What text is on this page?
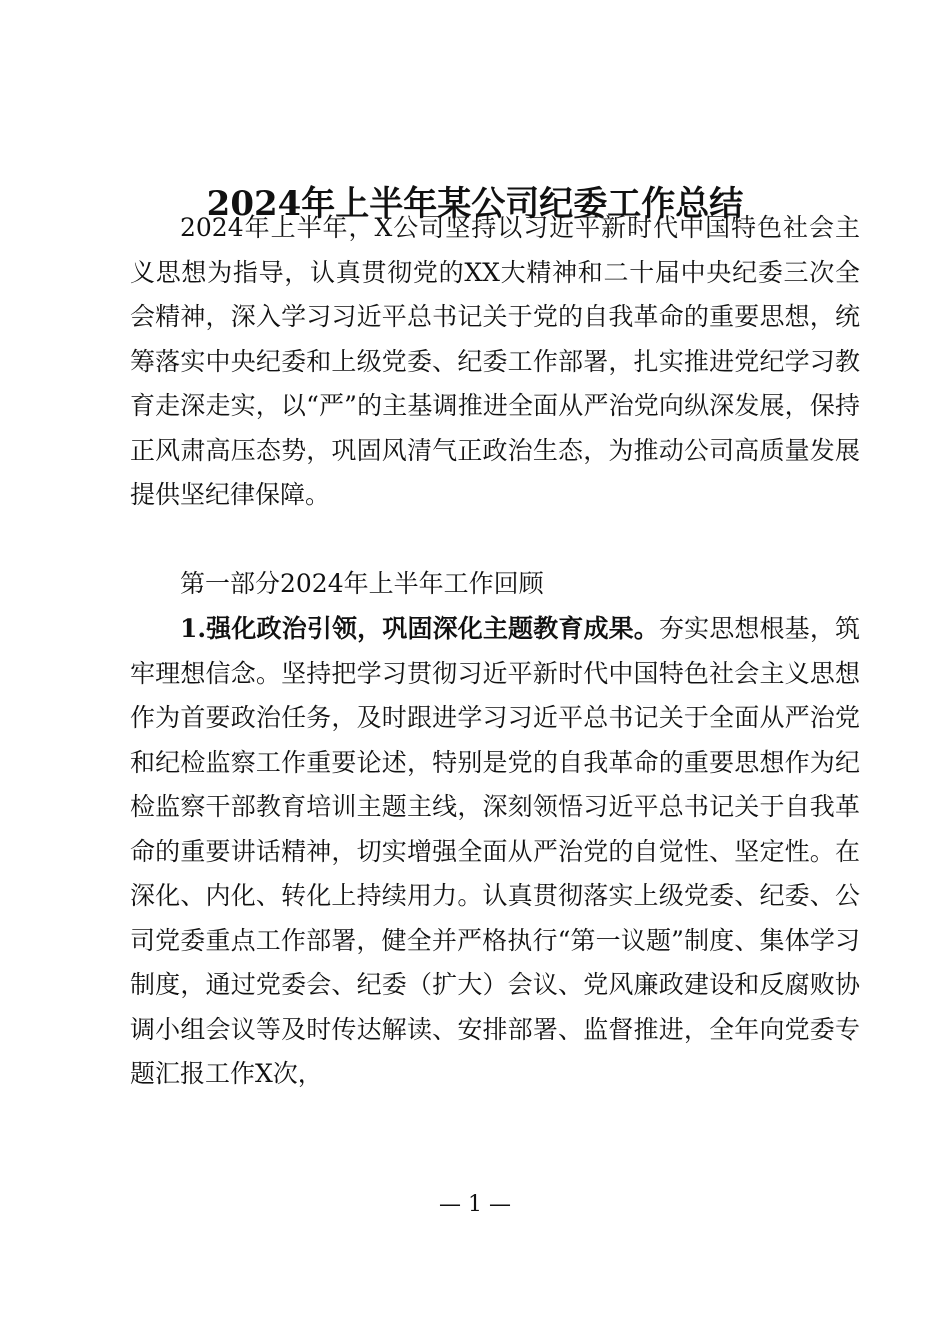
2024年上半年某公司纪委工作总结

2024年上半年，X公司坚持以习近平新时代中国特色社会主义思想为指导，认真贯彻党的XX大精神和二十届中央纪委三次全会精神，深入学习习近平总书记关于党的自我革命的重要思想，统筹落实中央纪委和上级党委、纪委工作部署，扎实推进党纪学习教育走深走实，以“严”的主基调推进全面从严治党向纵深发展，保持正风肃高压态势，巩固风清气正政治生态，为推动公司高质量发展提供坚纪律保障。

第一部分2024年上半年工作回顾

1.强化政治引领，巩固深化主题教育成果。夯实思想根基，筑牢理想信念。坚持把学习贯彻习近平新时代中国特色社会主义思想作为首要政治任务，及时跟进学习习近平总书记关于全面从严治党和纪检监察工作重要论述，特别是党的自我革命的重要思想作为纪检监察干部教育培训主题主线，深刻领悟习近平总书记关于自我革命的重要讲话精神，切实增强全面从严治党的自觉性、坚定性。在深化、内化、转化上持续用力。认真贯彻落实上级党委、纪委、公司党委重点工作部署，健全并严格执行“第一议题”制度、集体学习制度，通过党委会、纪委（扩大）会议、党风廉政建设和反腐败协调小组会议等及时传达解读、安排部署、监督推进，全年向党委专题汇报工作X次，

— 1 —
